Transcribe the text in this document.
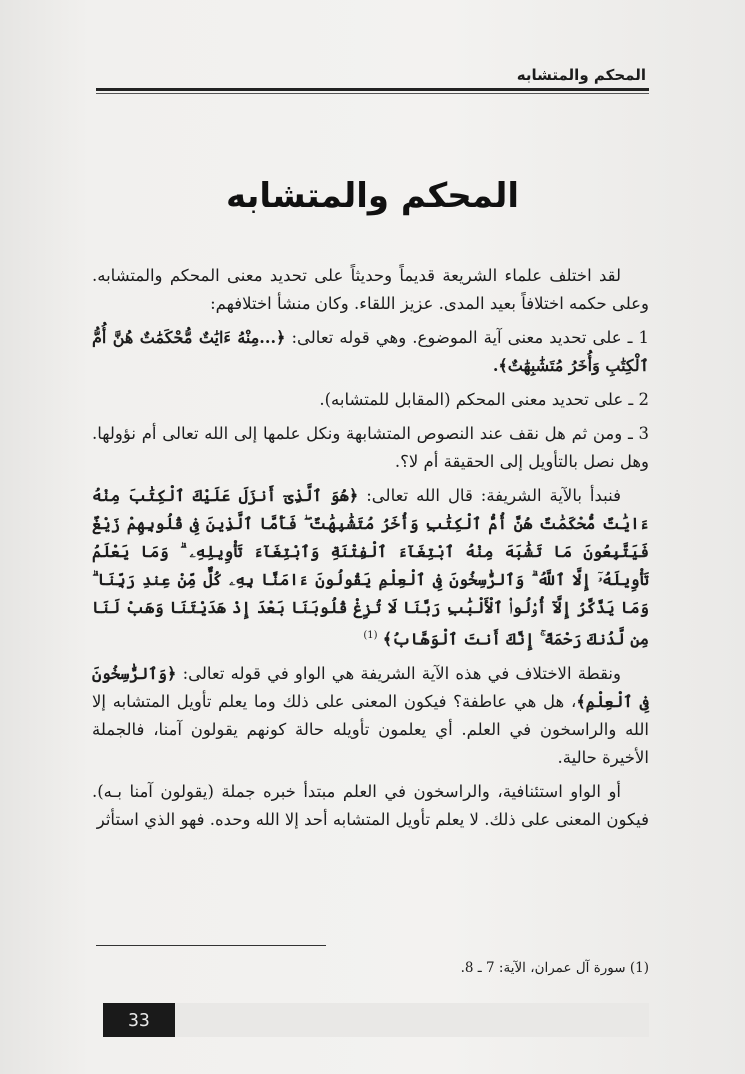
المحكم والمتشابه
المحكم والمتشابه

لقد اختلف علماء الشريعة قديماً وحديثاً على تحديد معنى المحكم والمتشابه. وعلى حكمه اختلافاً بعيد المدى. عزيز اللقاء. وكان منشأ اختلافهم:

1 ـ على تحديد معنى آية الموضوع. وهي قوله تعالى: ﴿...مِنْهُ ءَايَٰتٌ مُّحْكَمَٰتٌ هُنَّ أُمُّ ٱلْكِتَٰبِ وَأُخَرُ مُتَشَٰبِهَٰتٌ﴾.

2 ـ على تحديد معنى المحكم (المقابل للمتشابه).

3 ـ ومن ثم هل نقف عند النصوص المتشابهة ونكل علمها إلى الله تعالى أم نؤولها. وهل نصل بالتأويل إلى الحقيقة أم لا؟.

فنبدأ بالآية الشريفة: قال الله تعالى: ﴿هُوَ ٱلَّذِىٓ أَنزَلَ عَلَيْكَ ٱلْكِتَٰبَ مِنْهُ ءَايَٰتٌ مُّحْكَمَٰتٌ هُنَّ أُمُّ ٱلْكِتَٰبِ وَأُخَرُ مُتَشَٰبِهَٰتٌ ۖ فَأَمَّا ٱلَّذِينَ فِى قُلُوبِهِمْ زَيْغٌ فَيَتَّبِعُونَ مَا تَشَٰبَهَ مِنْهُ ٱبْتِغَآءَ ٱلْفِتْنَةِ وَٱبْتِغَآءَ تَأْوِيلِهِۦ ۗ وَمَا يَعْلَمُ تَأْوِيلَهُۥٓ إِلَّا ٱللَّهُ ۗ وَٱلرَّٰسِخُونَ فِى ٱلْعِلْمِ يَقُولُونَ ءَامَنَّا بِهِۦ كُلٌّ مِّنْ عِندِ رَبِّنَا ۗ وَمَا يَذَّكَّرُ إِلَّآ أُو۟لُوا۟ ٱلْأَلْبَٰبِ رَبَّنَا لَا تُزِغْ قُلُوبَنَا بَعْدَ إِذْ هَدَيْتَنَا وَهَبْ لَنَا مِن لَّدُنكَ رَحْمَةً ۚ إِنَّكَ أَنتَ ٱلْوَهَّابُ﴾ $^{(1)}$

ونقطة الاختلاف في هذه الآية الشريفة هي الواو في قوله تعالى: ﴿وَٱلرَّٰسِخُونَ فِى ٱلْعِلْمِ﴾، هل هي عاطفة؟ فيكون المعنى على ذلك وما يعلم تأويل المتشابه إلا الله والراسخون في العلم. أي يعلمون تأويله حالة كونهم يقولون آمنا، فالجملة الأخيرة حالية.

أو الواو استئنافية، والراسخون في العلم مبتدأ خبره جملة (يقولون آمنا بـه). فيكون المعنى على ذلك. لا يعلم تأويل المتشابه أحد إلا الله وحده. فهو الذي استأثر

(1) سورة آل عمران، الآية: 7 ـ 8.
33
